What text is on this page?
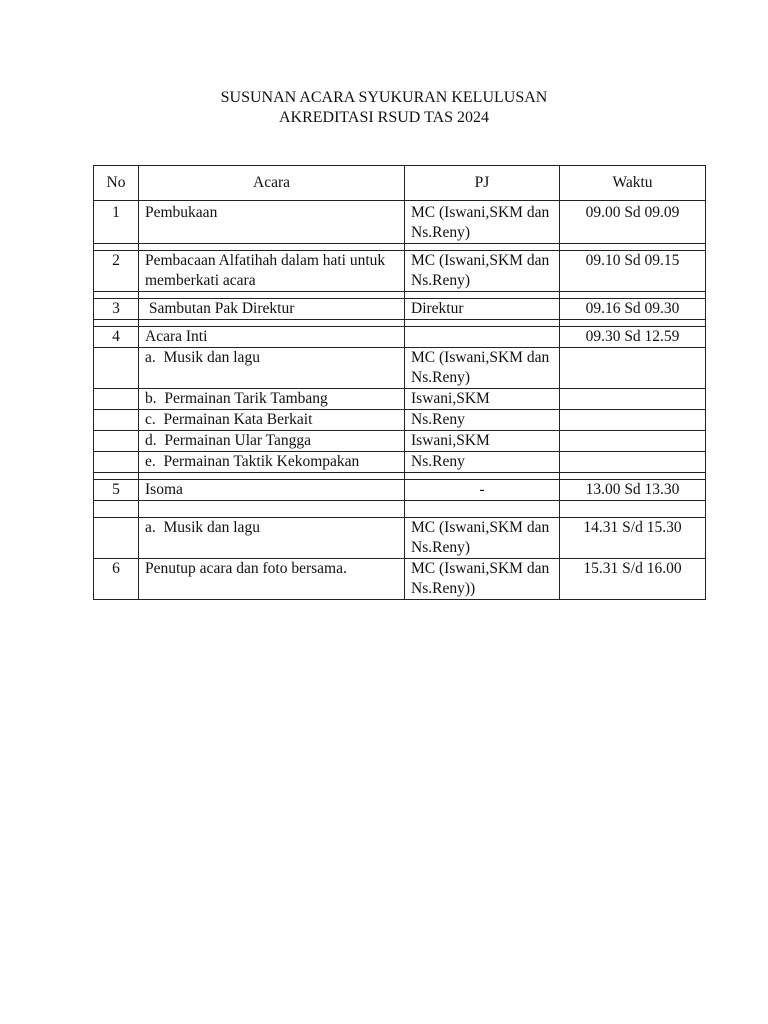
SUSUNAN ACARA SYUKURAN KELULUSAN
AKREDITASI RSUD TAS 2024
No	Acara	PJ	Waktu
1	Pembukaan	MC (Iswani,SKM dan Ns.Reny)	09.00 Sd 09.09

2	Pembacaan Alfatihah dalam hati untuk memberkati acara	MC (Iswani,SKM dan Ns.Reny)	09.10 Sd 09.15

3	Sambutan Pak Direktur	Direktur	09.16 Sd 09.30

4	Acara Inti		09.30 Sd 12.59
	a.  Musik dan lagu	MC (Iswani,SKM dan Ns.Reny)	
	b.  Permainan Tarik Tambang	Iswani,SKM	
	c.  Permainan Kata Berkait	Ns.Reny	
	d.  Permainan Ular Tangga	Iswani,SKM	
	e.  Permainan Taktik Kekompakan	Ns.Reny	

5	Isoma	-	13.00 Sd 13.30

	a.  Musik dan lagu	MC (Iswani,SKM dan Ns.Reny)	14.31 S/d 15.30
6	Penutup acara dan foto bersama.	MC (Iswani,SKM dan Ns.Reny))	15.31 S/d 16.00
